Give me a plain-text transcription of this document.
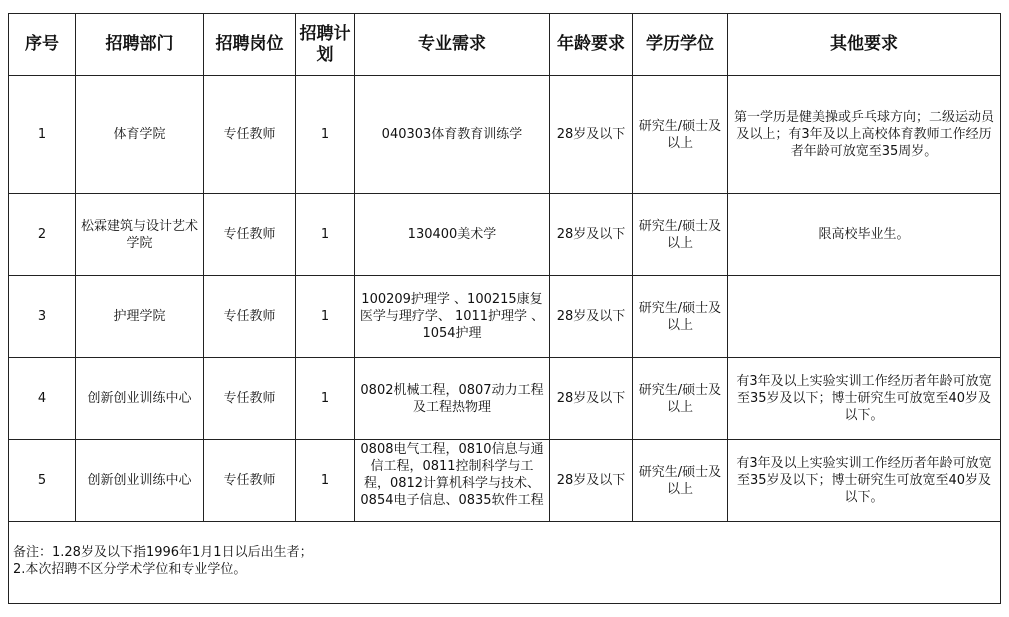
序号	招聘部门	招聘岗位	招聘计划	专业需求	年龄要求	学历学位	其他要求
1	体育学院	专任教师	1	040303体育教育训练学	28岁及以下	研究生/硕士及以上	第一学历是健美操或乒乓球方向；二级运动员及以上；有3年及以上高校体育教师工作经历者年龄可放宽至35周岁。
2	松霖建筑与设计艺术学院	专任教师	1	130400美术学	28岁及以下	研究生/硕士及以上	限高校毕业生。
3	护理学院	专任教师	1	100209护理学 、100215康复医学与理疗学、 1011护理学 、 1054护理	28岁及以下	研究生/硕士及以上	
4	创新创业训练中心	专任教师	1	0802机械工程，0807动力工程及工程热物理	28岁及以下	研究生/硕士及以上	有3年及以上实验实训工作经历者年龄可放宽至35岁及以下；博士研究生可放宽至40岁及以下。
5	创新创业训练中心	专任教师	1	0808电气工程，0810信息与通信工程，0811控制科学与工程，0812计算机科学与技术、0854电子信息、0835软件工程	28岁及以下	研究生/硕士及以上	有3年及以上实验实训工作经历者年龄可放宽至35岁及以下；博士研究生可放宽至40岁及以下。

备注：1.28岁及以下指1996年1月1日以后出生者；
2.本次招聘不区分学术学位和专业学位。							
